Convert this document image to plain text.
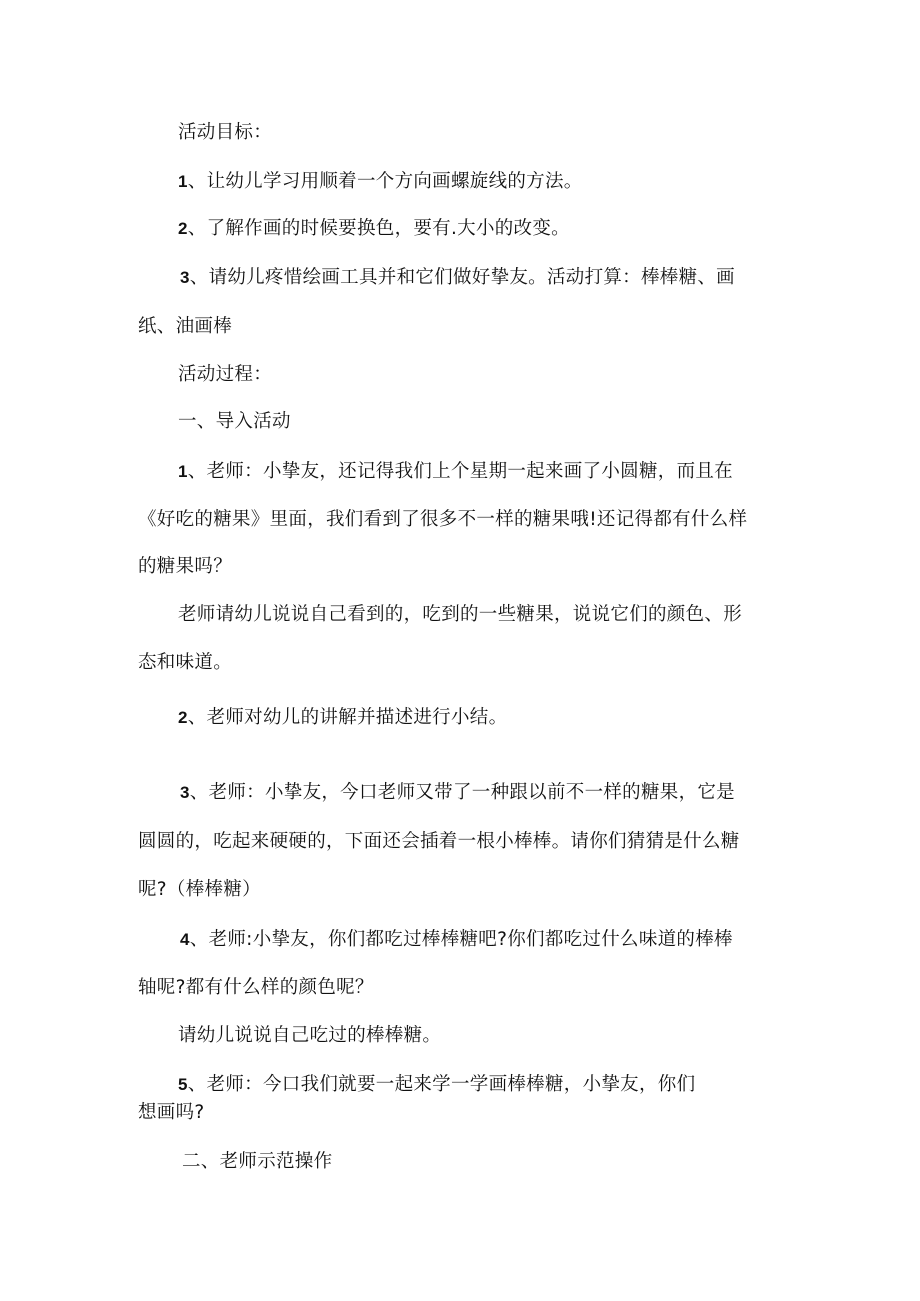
活动目标：

1、让幼儿学习用顺着一个方向画螺旋线的方法。

2、了解作画的时候要换色，要有.大小的改变。

3、请幼儿疼惜绘画工具并和它们做好挚友。活动打算：棒棒糖、画

纸、油画棒

活动过程：

一、导入活动

1、老师：小挚友，还记得我们上个星期一起来画了小圆糖，而且在

《好吃的糖果》里面，我们看到了很多不一样的糖果哦!还记得都有什么样

的糖果吗？

老师请幼儿说说自己看到的，吃到的一些糖果，说说它们的颜色、形

态和味道。

2、老师对幼儿的讲解并描述进行小结。

3、老师：小挚友，今口老师又带了一种跟以前不一样的糖果，它是

圆圆的，吃起来硬硬的，下面还会插着一根小棒棒。请你们猜猜是什么糖

呢?（棒棒糖）

4、老师:小挚友，你们都吃过棒棒糖吧?你们都吃过什么味道的棒棒

轴呢?都有什么样的颜色呢？

请幼儿说说自己吃过的棒棒糖。

5、老师：今口我们就要一起来学一学画棒棒糖，小挚友，你们

想画吗?

二、老师示范操作
